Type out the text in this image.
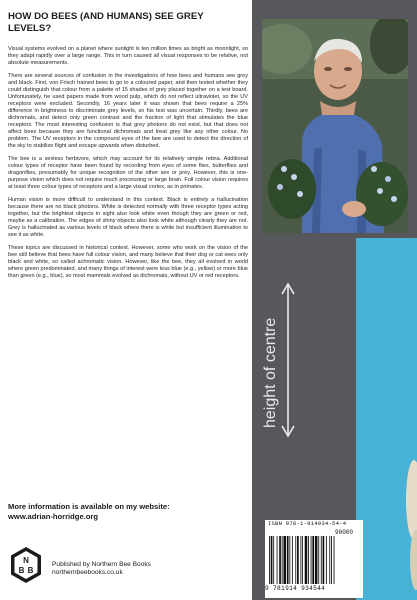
HOW DO BEES (AND HUMANS) SEE GREY LEVELS?

Visual systems evolved on a planet where sunlight is ten million times as bright as moonlight, so they adapt rapidly over a large range. This in turn caused all visual responses to be relative, not absolute measurements.

There are several sources of confusion in the investigations of how bees and humans see grey and black. First, von Frisch trained bees to go to a coloured paper, and then tested whether they could distinguish that colour from a palette of 15 shades of grey placed together on a test board. Unfortunately, he used papers made from wood pulp, which do not reflect ultraviolet, so the UV receptors were excluded. Secondly, 16 years later it was shown that bees require a 25% difference in brightness to discriminate grey levels, so his test was uncertain. Thirdly, bees are dichromats, and detect only green contrast and the fraction of light that stimulates the blue receptors. The most interesting confusion is that grey photons do not exist, but that does not affect bees because they are functional dichromats and treat grey like any other colour. No problem. The UV receptors in the compound eyes of the bee are used to detect the direction of the sky to stabilize flight and escape upwards when disturbed.

The bee is a sexless herbivore, which may account for its relatively simple retina. Additional colour types of receptor have been found by recording from eyes of some flies, butterflies and dragonflies, presumably for unique recognition of the other sex or prey. However, this is one-purpose vision which does not require much processing or large brain. Full colour vision requires at least three colour types of receptors and a large visual cortex, as in primates.

Human vision is more difficult to understand in this context. Black is entirely a hallucination because there are no black photons. White is detected normally with three receptor types acting together, but the brightest objects in sight also look white even though they are green or red, maybe as a calibration. The edges of shiny objects also look white although clearly they are not. Grey is hallucinated as various levels of black where there is white but insufficient illumination to see it as white.

These topics are discussed in historical context. However, some who work on the vision of the bee still believe that bees have full colour vision, and many believe that their dog or cat sees only black and white, so called achromatic vision. However, like the bee, they all evolved in world where green predominated, and many things of interest were less blue (e.g., yellow) or more blue than green (e.g., blue), so most mammals evolved as dichromats, without UV or red receptors.

More information is available on my website:
www.adrian-horridge.org
N
B B
Published by Northern Bee Books
northernbeebooks.co.uk
height of centre
ISBN 978-1-914934-54-4
90000
9 781914 934544
